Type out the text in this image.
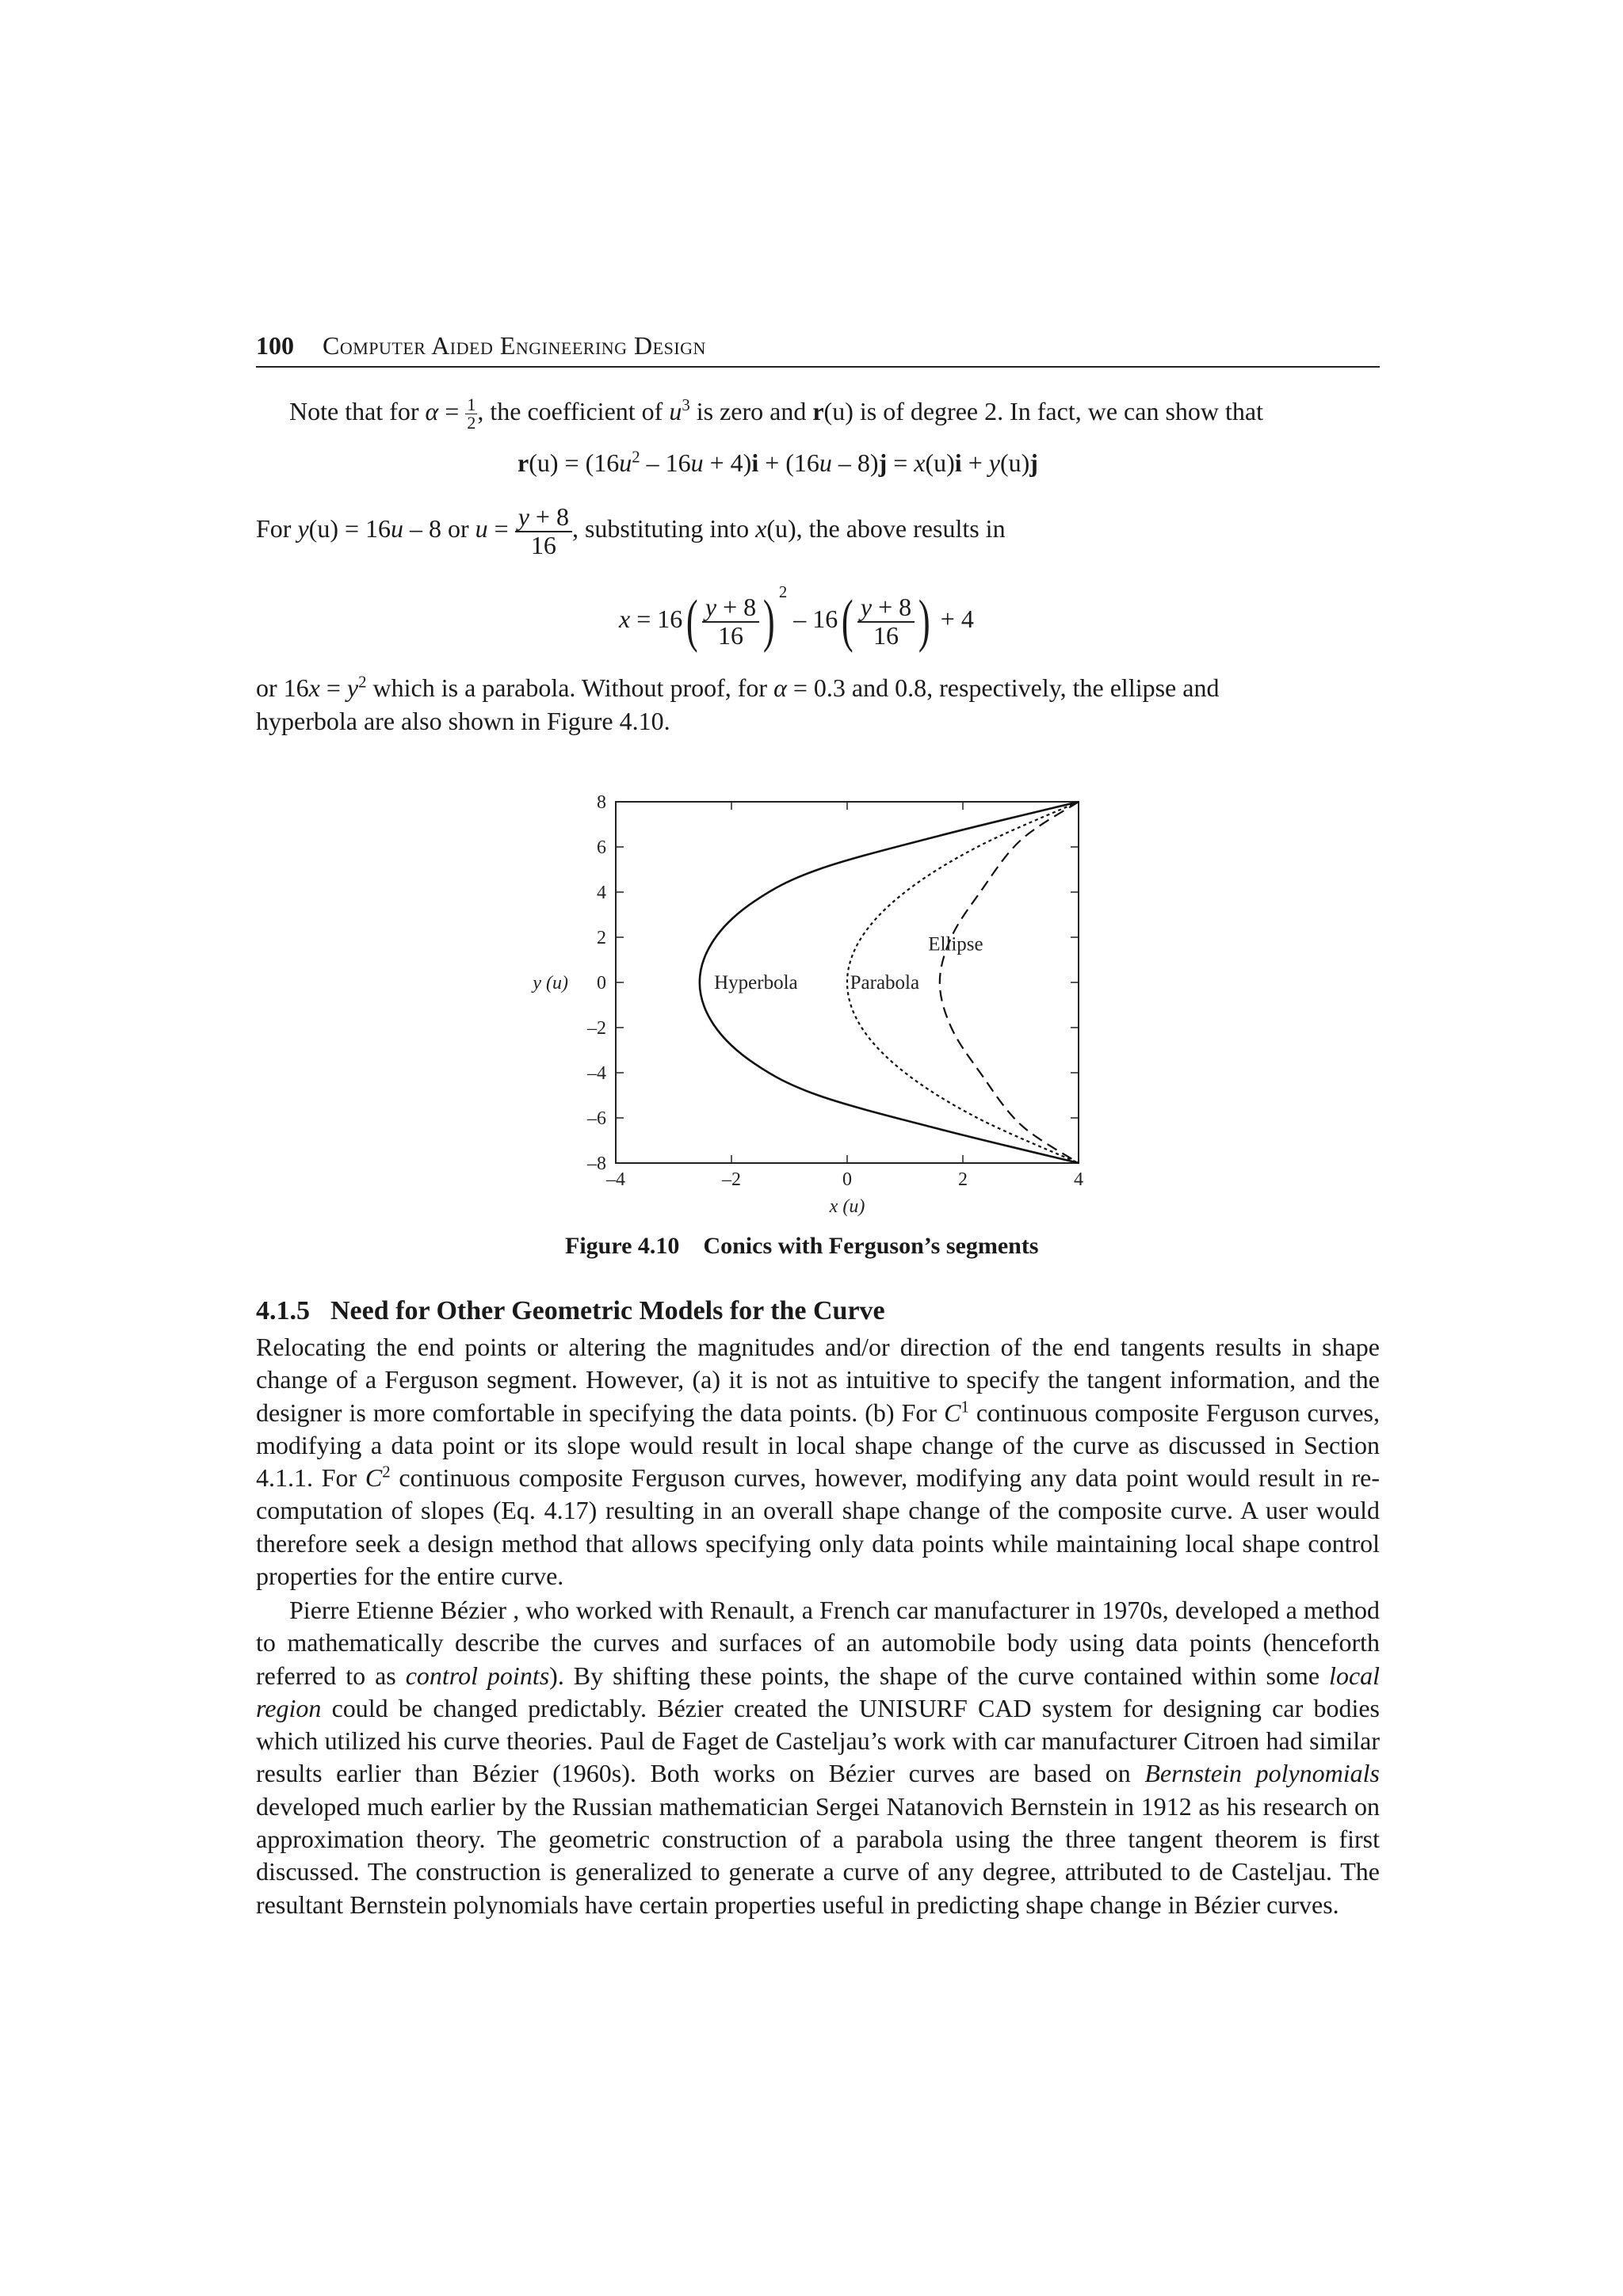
100 Computer Aided Engineering Design
Note that for $\alpha = \frac{1}{2}$ , the coefficient of $u^3$ is zero and r(u) is of degree 2. In fact, we can show that
$r(u) = (16u^2 - 16u + 4)i + (16u - 8)j = x(u)i + y(u)j$
For y(u) = 16u – 8 or $u = \frac{y + 8}{16}$ , substituting into x(u), the above results in
$x = 16( \frac{y + 8}{16}$ ) $^2 - 16( \frac{y + 8}{16}$ ) + 4
or $16x = y^2$ which is a parabola. Without proof, for α = 0.3 and 0.8, respectively, the ellipse and
hyperbola are also shown in Figure 4.10.
Figure 4.10 Conics with Ferguson’s segments
4.1.5 Need for Other Geometric Models for the Curve

Relocating the end points or altering the magnitudes and/or direction of the end tangents results in shape change of a Ferguson segment. However, (a) it is not as intuitive to specify the tangent information, and the designer is more comfortable in specifying the data points. (b) For $C^1$ continuous composite Ferguson curves, modifying a data point or its slope would result in local shape change of the curve as discussed in Section 4.1.1. For $C^2$ continuous composite Ferguson curves, however, modifying any data point would result in re-computation of slopes (Eq. 4.17) resulting in an overall shape change of the composite curve. A user would therefore seek a design method that allows specifying only data points while maintaining local shape control properties for the entire curve.

Pierre Etienne Bézier , who worked with Renault, a French car manufacturer in 1970s, developed a method to mathematically describe the curves and surfaces of an automobile body using data points (henceforth referred to as control points). By shifting these points, the shape of the curve contained within some local region could be changed predictably. Bézier created the UNISURF CAD system for designing car bodies which utilized his curve theories. Paul de Faget de Casteljau’s work with car manufacturer Citroen had similar results earlier than Bézier (1960s). Both works on Bézier curves are based on Bernstein polynomials developed much earlier by the Russian mathematician Sergei Natanovich Bernstein in 1912 as his research on approximation theory. The geometric construction of a parabola using the three tangent theorem is first discussed. The construction is generalized to generate a curve of any degree, attributed to de Casteljau. The resultant Bernstein polynomials have certain properties useful in predicting shape change in Bézier curves.

–4	–2	0	2	4
8
6
4
2
0
–2
–4
–6
–8
x (u)
y (u)	Hyperbola	Parabola
Ellipse
